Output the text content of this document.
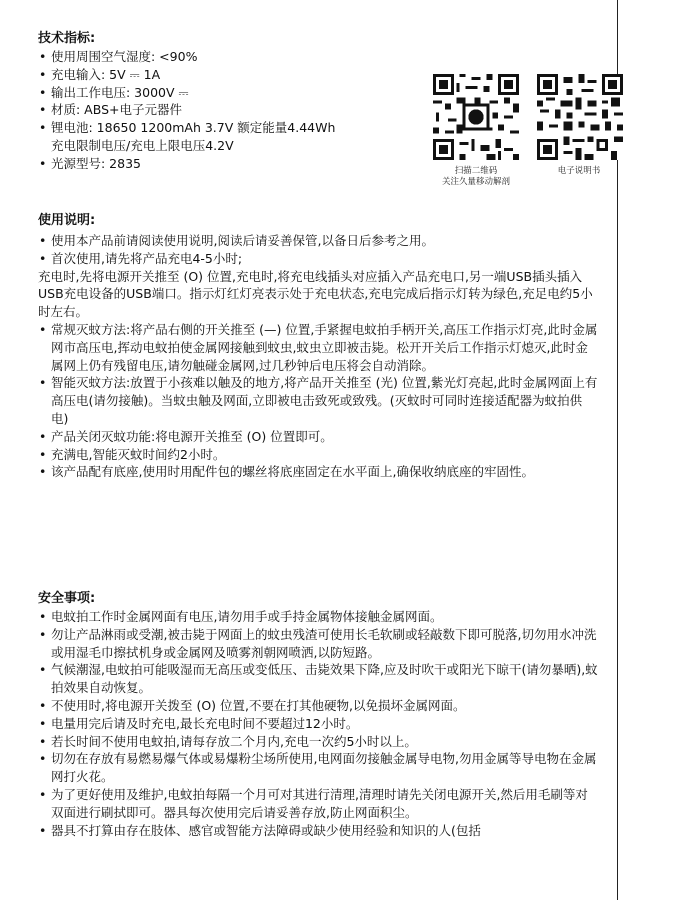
技术指标:
• 使用周围空气湿度: <90%
• 充电输入: 5V ⎓ 1A
• 输出工作电压: 3000V ⎓
• 材质: ABS+电子元器件
• 锂电池: 18650 1200mAh 3.7V 额定能量4.44Wh
充电限制电压/充电上限电压4.2V
• 光源型号: 2835
扫描二维码
关注久量移动解剖
电子说明书
使用说明:
• 使用本产品前请阅读使用说明,阅读后请妥善保管,以备日后参考之用。
• 首次使用,请先将产品充电4-5小时;
充电时,先将电源开关推至 (O) 位置,充电时,将充电线插头对应插入产品充电口,另一端USB插头插入USB充电设备的USB端口。指示灯红灯亮表示处于充电状态,充电完成后指示灯转为绿色,充足电约5小时左右。
• 常规灭蚊方法:将产品右侧的开关推至 (—) 位置,手紧握电蚊拍手柄开关,高压工作指示灯亮,此时金属网市高压电,挥动电蚊拍使金属网接触到蚊虫,蚊虫立即被击毙。松开开关后工作指示灯熄灭,此时金属网上仍有残留电压,请勿触碰金属网,过几秒钟后电压将会自动消除。
• 智能灭蚊方法:放置于小孩难以触及的地方,将产品开关推至 (光) 位置,紫光灯亮起,此时金属网面上有高压电(请勿接触)。当蚊虫触及网面,立即被电击致死或致残。(灭蚊时可同时连接适配器为蚊拍供电)
• 产品关闭灭蚊功能:将电源开关推至 (O) 位置即可。
• 充满电,智能灭蚊时间约2小时。
• 该产品配有底座,使用时用配件包的螺丝将底座固定在水平面上,确保收纳底座的牢固性。
安全事项:
• 电蚊拍工作时金属网面有电压,请勿用手或手持金属物体接触金属网面。
• 勿让产品淋雨或受潮,被击毙于网面上的蚊虫残渣可使用长毛软刷或轻敲数下即可脱落,切勿用水冲洗或用湿毛巾擦拭机身或金属网及喷雾剂朝网喷洒,以防短路。
• 气候潮湿,电蚊拍可能吸湿而无高压或变低压、击毙效果下降,应及时吹干或阳光下晾干(请勿暴晒),蚊拍效果自动恢复。
• 不使用时,将电源开关拨至 (O) 位置,不要在打其他硬物,以免损坏金属网面。
• 电量用完后请及时充电,最长充电时间不要超过12小时。
• 若长时间不使用电蚊拍,请每存放二个月内,充电一次约5小时以上。
• 切勿在存放有易燃易爆气体或易爆粉尘场所使用,电网面勿接触金属导电物,勿用金属等导电物在金属网打火花。
• 为了更好使用及维护,电蚊拍每隔一个月可对其进行清理,清理时请先关闭电源开关,然后用毛刷等对双面进行刷拭即可。器具每次使用完后请妥善存放,防止网面积尘。
• 器具不打算由存在肢体、感官或智能方法障碍或缺少使用经验和知识的人(包括
